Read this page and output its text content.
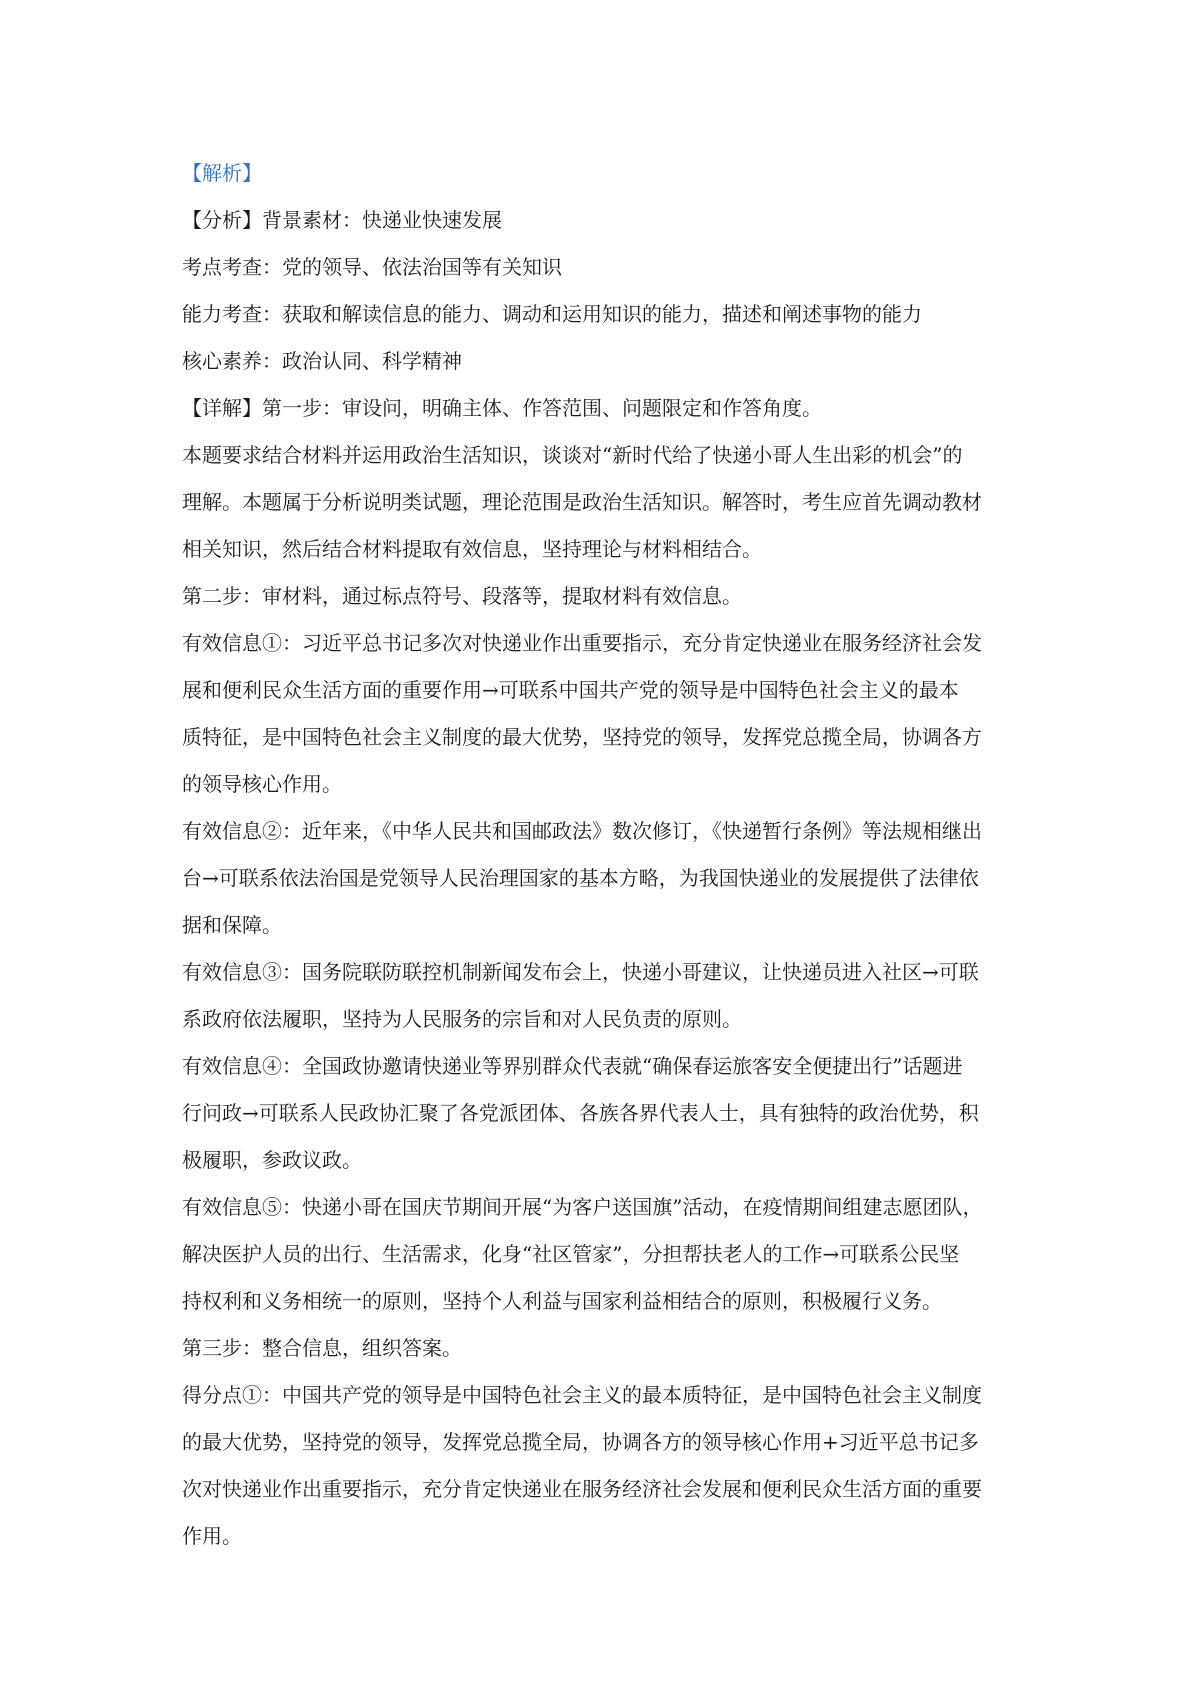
【解析】
【分析】背景素材：快递业快速发展
考点考查：党的领导、依法治国等有关知识
能力考查：获取和解读信息的能力、调动和运用知识的能力，描述和阐述事物的能力
核心素养：政治认同、科学精神
【详解】第一步：审设问，明确主体、作答范围、问题限定和作答角度。
本题要求结合材料并运用政治生活知识，谈谈对“新时代给了快递小哥人生出彩的机会”的
理解。本题属于分析说明类试题，理论范围是政治生活知识。解答时，考生应首先调动教材
相关知识，然后结合材料提取有效信息，坚持理论与材料相结合。
第二步：审材料，通过标点符号、段落等，提取材料有效信息。
有效信息①：习近平总书记多次对快递业作出重要指示，充分肯定快递业在服务经济社会发
展和便利民众生活方面的重要作用→可联系中国共产党的领导是中国特色社会主义的最本
质特征，是中国特色社会主义制度的最大优势，坚持党的领导，发挥党总揽全局，协调各方
的领导核心作用。
有效信息②：近年来，《中华人民共和国邮政法》数次修订，《快递暂行条例》等法规相继出
台→可联系依法治国是党领导人民治理国家的基本方略，为我国快递业的发展提供了法律依
据和保障。
有效信息③：国务院联防联控机制新闻发布会上，快递小哥建议，让快递员进入社区→可联
系政府依法履职，坚持为人民服务的宗旨和对人民负责的原则。
有效信息④：全国政协邀请快递业等界别群众代表就“确保春运旅客安全便捷出行”话题进
行问政→可联系人民政协汇聚了各党派团体、各族各界代表人士，具有独特的政治优势，积
极履职，参政议政。
有效信息⑤：快递小哥在国庆节期间开展“为客户送国旗”活动，在疫情期间组建志愿团队，
解决医护人员的出行、生活需求，化身“社区管家”，分担帮扶老人的工作→可联系公民坚
持权利和义务相统一的原则，坚持个人利益与国家利益相结合的原则，积极履行义务。
第三步：整合信息，组织答案。
得分点①：中国共产党的领导是中国特色社会主义的最本质特征，是中国特色社会主义制度
的最大优势，坚持党的领导，发挥党总揽全局，协调各方的领导核心作用+习近平总书记多
次对快递业作出重要指示，充分肯定快递业在服务经济社会发展和便利民众生活方面的重要
作用。
